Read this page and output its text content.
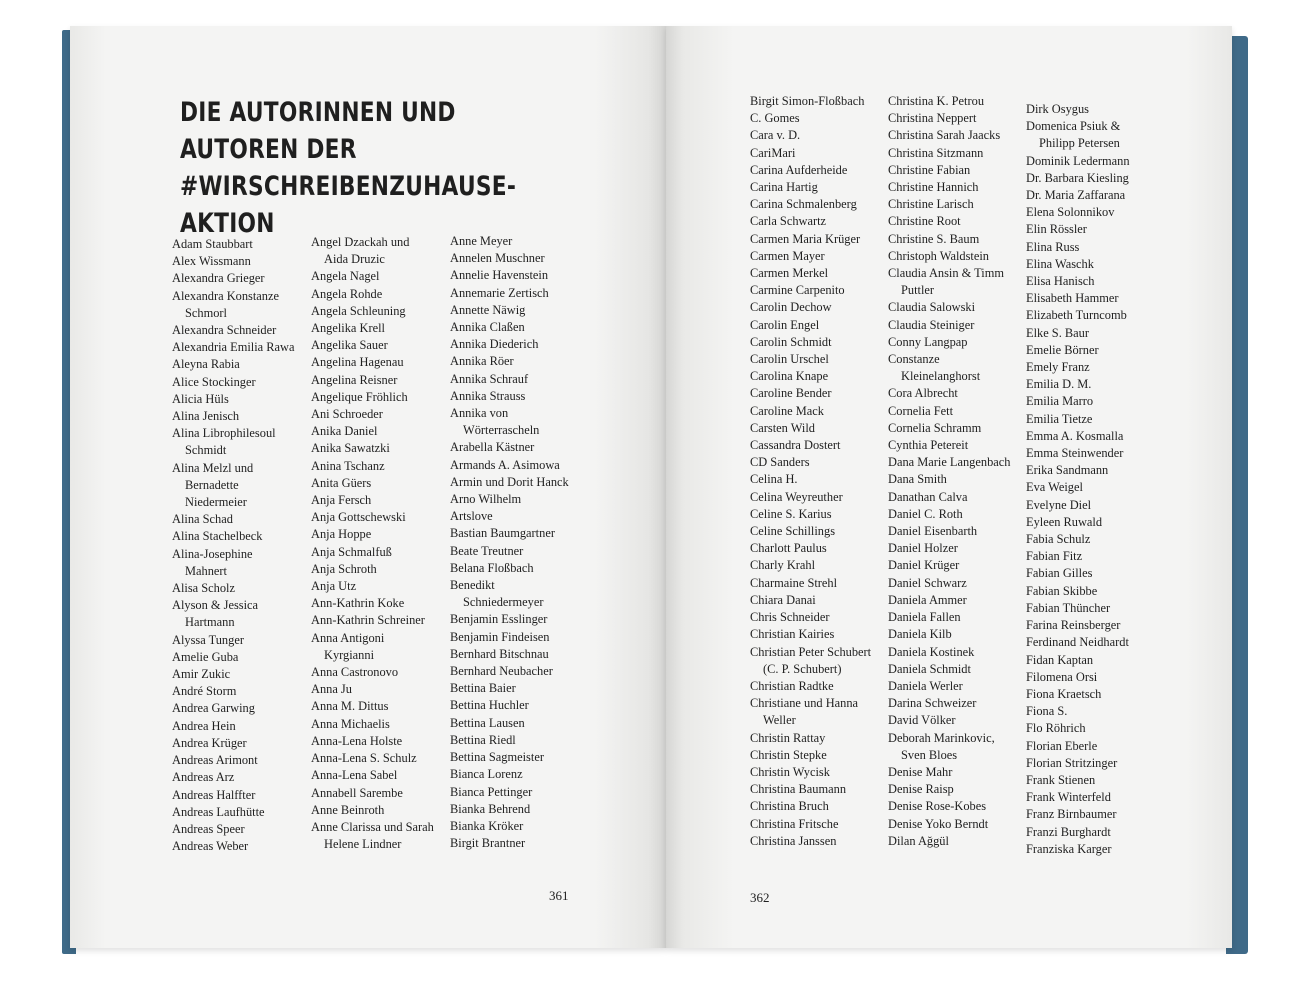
DIE AUTORINNEN UND AUTOREN DER
#WIRSCHREIBENZUHAUSE-AKTION
Adam Staubbart
Alex Wissmann
Alexandra Grieger
Alexandra Konstanze
Schmorl
Alexandra Schneider
Alexandria Emilia Rawa
Aleyna Rabia
Alice Stockinger
Alicia Hüls
Alina Jenisch
Alina Librophilesoul
Schmidt
Alina Melzl und
Bernadette
Niedermeier
Alina Schad
Alina Stachelbeck
Alina-Josephine
Mahnert
Alisa Scholz
Alyson & Jessica
Hartmann
Alyssa Tunger
Amelie Guba
Amir Zukic
André Storm
Andrea Garwing
Andrea Hein
Andrea Krüger
Andreas Arimont
Andreas Arz
Andreas Halffter
Andreas Laufhütte
Andreas Speer
Andreas Weber
Angel Dzackah und
Aida Druzic
Angela Nagel
Angela Rohde
Angela Schleuning
Angelika Krell
Angelika Sauer
Angelina Hagenau
Angelina Reisner
Angelique Fröhlich
Ani Schroeder
Anika Daniel
Anika Sawatzki
Anina Tschanz
Anita Güers
Anja Fersch
Anja Gottschewski
Anja Hoppe
Anja Schmalfuß
Anja Schroth
Anja Utz
Ann-Kathrin Koke
Ann-Kathrin Schreiner
Anna Antigoni
Kyrgianni
Anna Castronovo
Anna Ju
Anna M. Dittus
Anna Michaelis
Anna-Lena Holste
Anna-Lena S. Schulz
Anna-Lena Sabel
Annabell Sarembe
Anne Beinroth
Anne Clarissa und Sarah
Helene Lindner
Anne Meyer
Annelen Muschner
Annelie Havenstein
Annemarie Zertisch
Annette Näwig
Annika Claßen
Annika Diederich
Annika Röer
Annika Schrauf
Annika Strauss
Annika von
Wörterrascheln
Arabella Kästner
Armands A. Asimowa
Armin und Dorit Hanck
Arno Wilhelm
Artslove
Bastian Baumgartner
Beate Treutner
Belana Floßbach
Benedikt
Schniedermeyer
Benjamin Esslinger
Benjamin Findeisen
Bernhard Bitschnau
Bernhard Neubacher
Bettina Baier
Bettina Huchler
Bettina Lausen
Bettina Riedl
Bettina Sagmeister
Bianca Lorenz
Bianca Pettinger
Bianka Behrend
Bianka Kröker
Birgit Brantner
Birgit Simon-Floßbach
C. Gomes
Cara v. D.
CariMari
Carina Aufderheide
Carina Hartig
Carina Schmalenberg
Carla Schwartz
Carmen Maria Krüger
Carmen Mayer
Carmen Merkel
Carmine Carpenito
Carolin Dechow
Carolin Engel
Carolin Schmidt
Carolin Urschel
Carolina Knape
Caroline Bender
Caroline Mack
Carsten Wild
Cassandra Dostert
CD Sanders
Celina H.
Celina Weyreuther
Celine S. Karius
Celine Schillings
Charlott Paulus
Charly Krahl
Charmaine Strehl
Chiara Danai
Chris Schneider
Christian Kairies
Christian Peter Schubert
(C. P. Schubert)
Christian Radtke
Christiane und Hanna
Weller
Christin Rattay
Christin Stepke
Christin Wycisk
Christina Baumann
Christina Bruch
Christina Fritsche
Christina Janssen
Christina K. Petrou
Christina Neppert
Christina Sarah Jaacks
Christina Sitzmann
Christine Fabian
Christine Hannich
Christine Larisch
Christine Root
Christine S. Baum
Christoph Waldstein
Claudia Ansin & Timm
Puttler
Claudia Salowski
Claudia Steiniger
Conny Langpap
Constanze
Kleinelanghorst
Cora Albrecht
Cornelia Fett
Cornelia Schramm
Cynthia Petereit
Dana Marie Langenbach
Dana Smith
Danathan Calva
Daniel C. Roth
Daniel Eisenbarth
Daniel Holzer
Daniel Krüger
Daniel Schwarz
Daniela Ammer
Daniela Fallen
Daniela Kilb
Daniela Kostinek
Daniela Schmidt
Daniela Werler
Darina Schweizer
David Völker
Deborah Marinkovic,
Sven Bloes
Denise Mahr
Denise Raisp
Denise Rose-Kobes
Denise Yoko Berndt
Dilan Ağgül
Dirk Osygus
Domenica Psiuk &
Philipp Petersen
Dominik Ledermann
Dr. Barbara Kiesling
Dr. Maria Zaffarana
Elena Solonnikov
Elin Rössler
Elina Russ
Elina Waschk
Elisa Hanisch
Elisabeth Hammer
Elizabeth Turncomb
Elke S. Baur
Emelie Börner
Emely Franz
Emilia D. M.
Emilia Marro
Emilia Tietze
Emma A. Kosmalla
Emma Steinwender
Erika Sandmann
Eva Weigel
Evelyne Diel
Eyleen Ruwald
Fabia Schulz
Fabian Fitz
Fabian Gilles
Fabian Skibbe
Fabian Thüncher
Farina Reinsberger
Ferdinand Neidhardt
Fidan Kaptan
Filomena Orsi
Fiona Kraetsch
Fiona S.
Flo Röhrich
Florian Eberle
Florian Stritzinger
Frank Stienen
Frank Winterfeld
Franz Birnbaumer
Franzi Burghardt
Franziska Karger
361	362
